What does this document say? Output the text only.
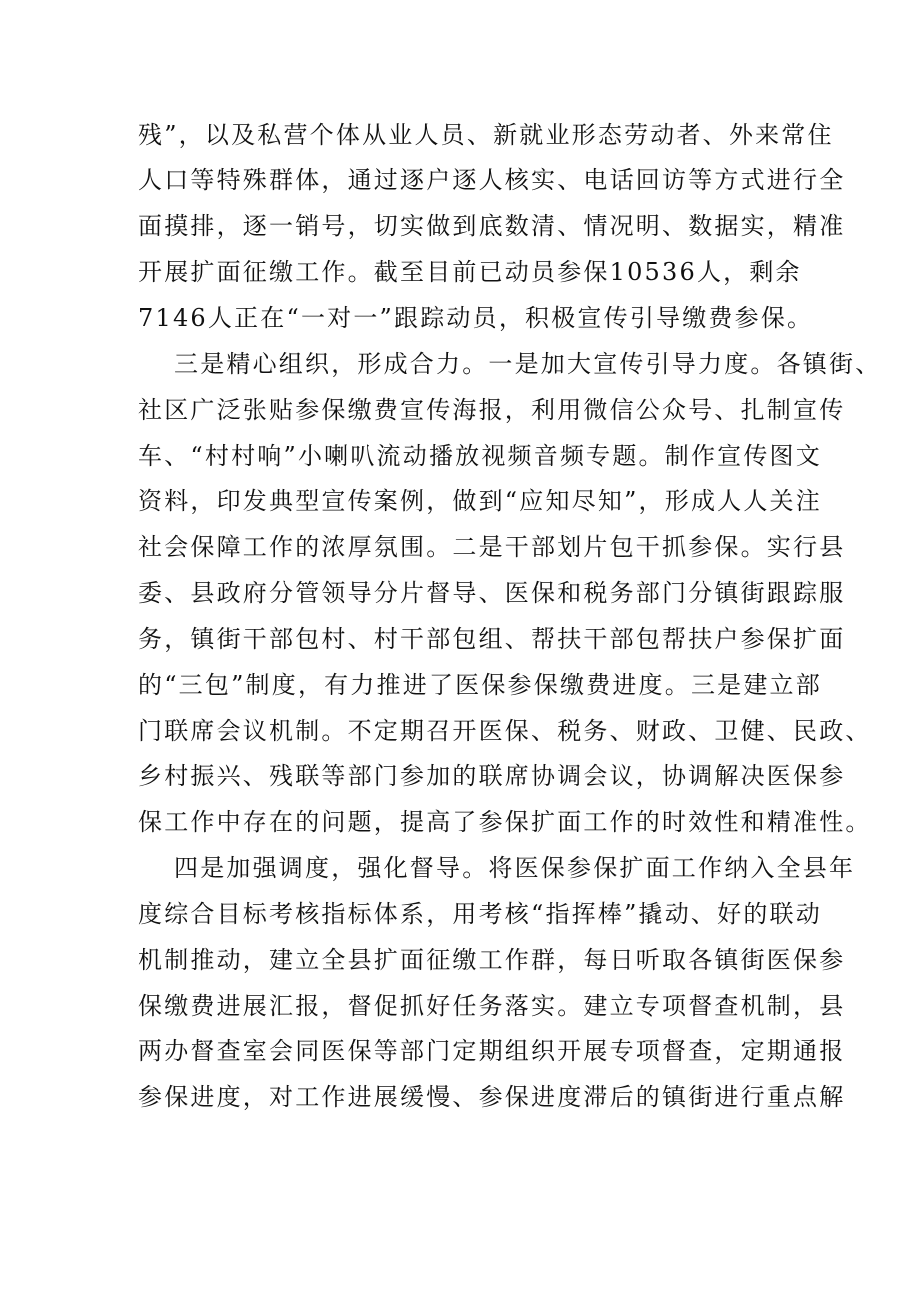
残”，以及私营个体从业人员、新就业形态劳动者、外来常住
人口等特殊群体，通过逐户逐人核实、电话回访等方式进行全
面摸排，逐一销号，切实做到底数清、情况明、数据实，精准
开展扩面征缴工作。截至目前已动员参保10536人，剩余
7146人正在“一对一”跟踪动员，积极宣传引导缴费参保。
三是精心组织，形成合力。一是加大宣传引导力度。各镇街、
社区广泛张贴参保缴费宣传海报，利用微信公众号、扎制宣传
车、“村村响”小喇叭流动播放视频音频专题。制作宣传图文
资料，印发典型宣传案例，做到“应知尽知”，形成人人关注
社会保障工作的浓厚氛围。二是干部划片包干抓参保。实行县
委、县政府分管领导分片督导、医保和税务部门分镇街跟踪服
务，镇街干部包村、村干部包组、帮扶干部包帮扶户参保扩面
的“三包”制度，有力推进了医保参保缴费进度。三是建立部
门联席会议机制。不定期召开医保、税务、财政、卫健、民政、
乡村振兴、残联等部门参加的联席协调会议，协调解决医保参
保工作中存在的问题，提高了参保扩面工作的时效性和精准性。
四是加强调度，强化督导。将医保参保扩面工作纳入全县年
度综合目标考核指标体系，用考核“指挥棒”撬动、好的联动
机制推动，建立全县扩面征缴工作群，每日听取各镇街医保参
保缴费进展汇报，督促抓好任务落实。建立专项督查机制，县
两办督查室会同医保等部门定期组织开展专项督查，定期通报
参保进度，对工作进展缓慢、参保进度滞后的镇街进行重点解
